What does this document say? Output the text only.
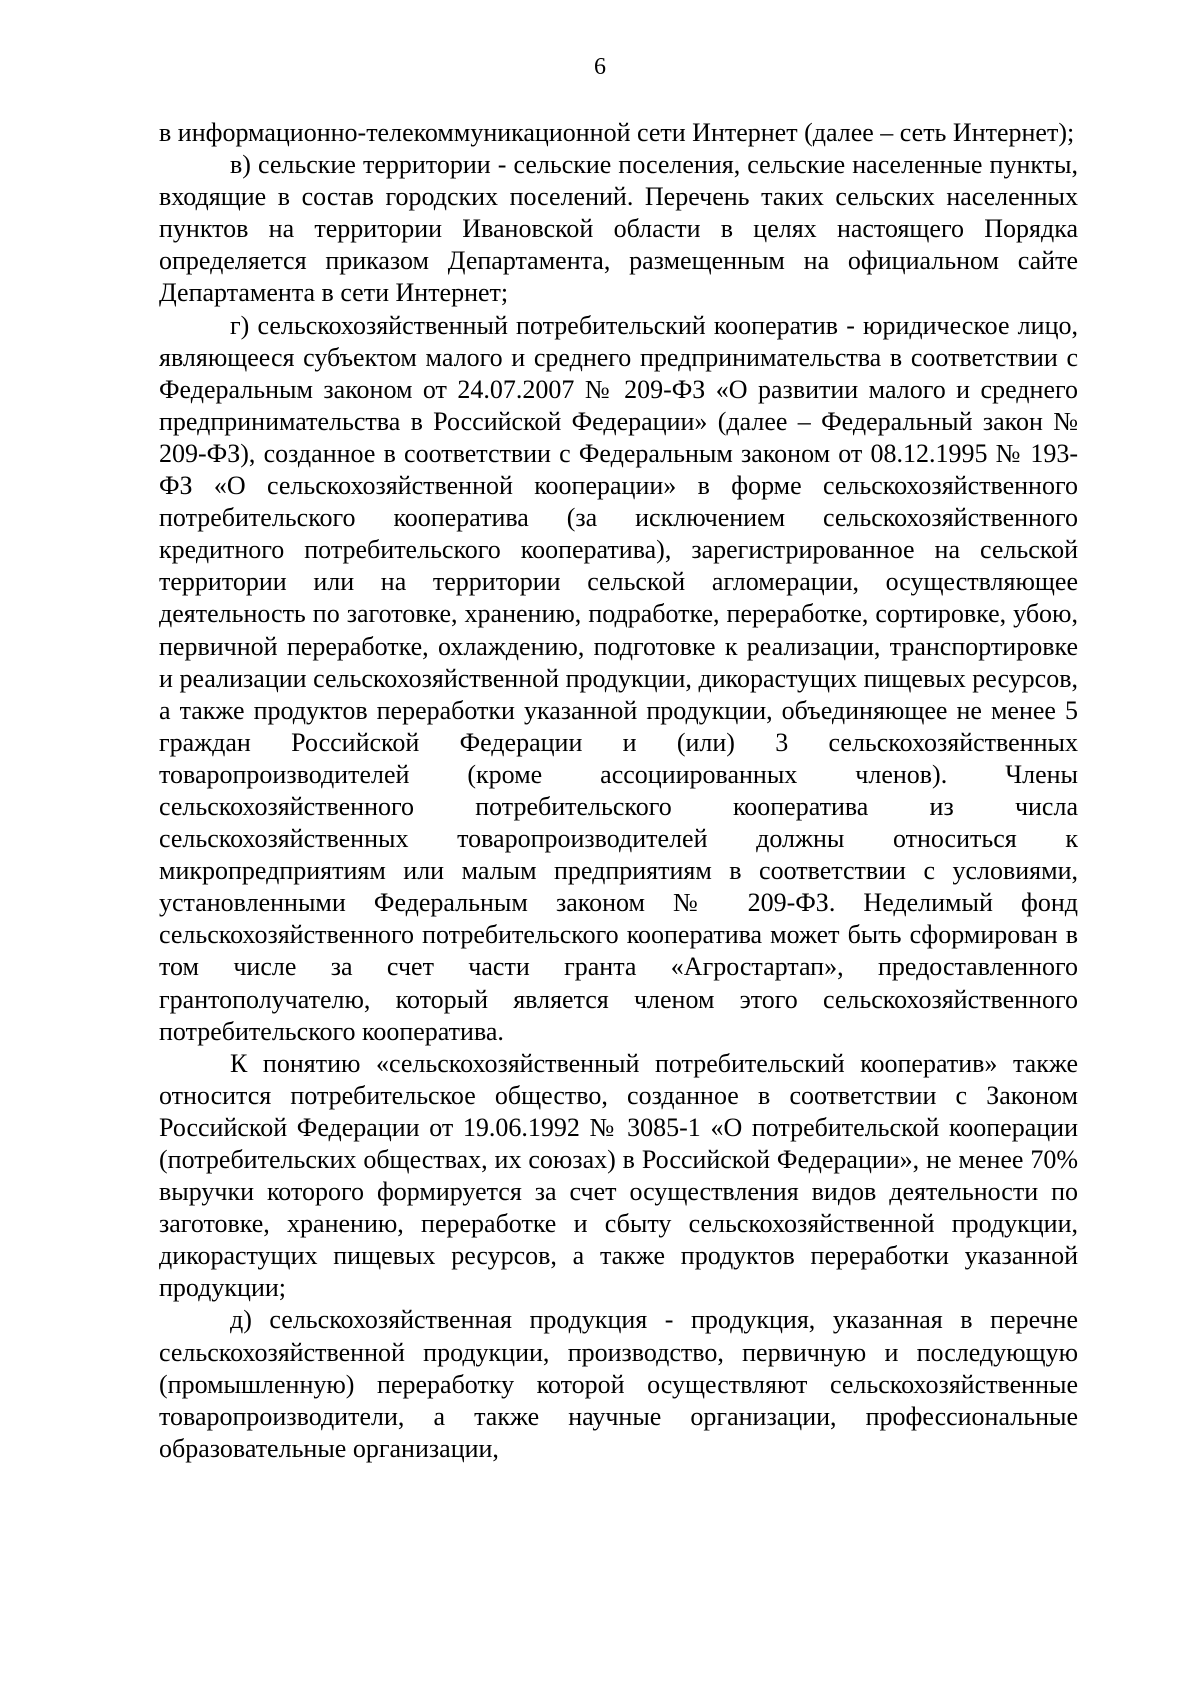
6

в информационно-телекоммуникационной сети Интернет (далее – сеть Интернет);

в) сельские территории - сельские поселения, сельские населенные пункты, входящие в состав городских поселений. Перечень таких сельских населенных пунктов на территории Ивановской области в целях настоящего Порядка определяется приказом Департамента, размещенным на официальном сайте Департамента в сети Интернет;

г) сельскохозяйственный потребительский кооператив - юридическое лицо, являющееся субъектом малого и среднего предпринимательства в соответствии с Федеральным законом от 24.07.2007 № 209-ФЗ «О развитии малого и среднего предпринимательства в Российской Федерации» (далее – Федеральный закон № 209-ФЗ), созданное в соответствии с Федеральным законом от 08.12.1995 № 193-ФЗ «О сельскохозяйственной кооперации» в форме сельскохозяйственного потребительского кооператива (за исключением сельскохозяйственного кредитного потребительского кооператива), зарегистрированное на сельской территории или на территории сельской агломерации, осуществляющее деятельность по заготовке, хранению, подработке, переработке, сортировке, убою, первичной переработке, охлаждению, подготовке к реализации, транспортировке и реализации сельскохозяйственной продукции, дикорастущих пищевых ресурсов, а также продуктов переработки указанной продукции, объединяющее не менее 5 граждан Российской Федерации и (или) 3 сельскохозяйственных товаропроизводителей (кроме ассоциированных членов). Члены сельскохозяйственного потребительского кооператива из числа сельскохозяйственных товаропроизводителей должны относиться к микропредприятиям или малым предприятиям в соответствии с условиями, установленными Федеральным законом № 209-ФЗ. Неделимый фонд сельскохозяйственного потребительского кооператива может быть сформирован в том числе за счет части гранта «Агростартап», предоставленного грантополучателю, который является членом этого сельскохозяйственного потребительского кооператива.

К понятию «сельскохозяйственный потребительский кооператив» также относится потребительское общество, созданное в соответствии с Законом Российской Федерации от 19.06.1992 № 3085-1 «О потребительской кооперации (потребительских обществах, их союзах) в Российской Федерации», не менее 70% выручки которого формируется за счет осуществления видов деятельности по заготовке, хранению, переработке и сбыту сельскохозяйственной продукции, дикорастущих пищевых ресурсов, а также продуктов переработки указанной продукции;

д) сельскохозяйственная продукция - продукция, указанная в перечне сельскохозяйственной продукции, производство, первичную и последующую (промышленную) переработку которой осуществляют сельскохозяйственные товаропроизводители, а также научные организации, профессиональные образовательные организации,
